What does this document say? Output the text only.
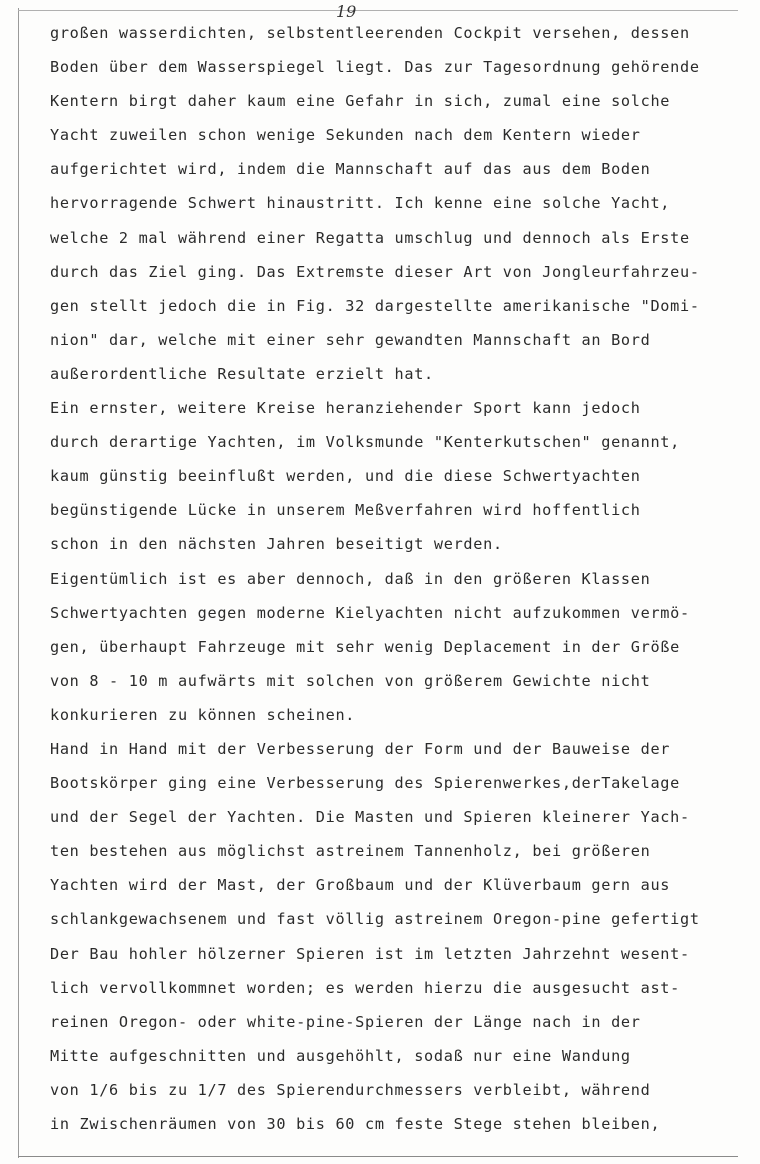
19
großen wasserdichten, selbstentleerenden Cockpit versehen, dessen
Boden über dem Wasserspiegel liegt. Das zur Tagesordnung gehörende
Kentern birgt daher kaum eine Gefahr in sich, zumal eine solche
Yacht zuweilen schon wenige Sekunden nach dem Kentern wieder
aufgerichtet wird, indem die Mannschaft auf das aus dem Boden
hervorragende Schwert hinaustritt. Ich kenne eine solche Yacht,
welche 2 mal während einer Regatta umschlug und dennoch als Erste
durch das Ziel ging. Das Extremste dieser Art von Jongleurfahrzeu-
gen stellt jedoch die in Fig. 32 dargestellte amerikanische "Domi-
nion" dar, welche mit einer sehr gewandten Mannschaft an Bord
außerordentliche Resultate erzielt hat.
Ein ernster, weitere Kreise heranziehender Sport kann jedoch
durch derartige Yachten, im Volksmunde "Kenterkutschen" genannt,
kaum günstig beeinflußt werden, und die diese Schwertyachten
begünstigende Lücke in unserem Meßverfahren wird hoffentlich
schon in den nächsten Jahren beseitigt werden.
Eigentümlich ist es aber dennoch, daß in den größeren Klassen
Schwertyachten gegen moderne Kielyachten nicht aufzukommen vermö-
gen, überhaupt Fahrzeuge mit sehr wenig Deplacement in der Größe
von 8 - 10 m aufwärts mit solchen von größerem Gewichte nicht
konkurieren zu können scheinen.
Hand in Hand mit der Verbesserung der Form und der Bauweise der
Bootskörper ging eine Verbesserung des Spierenwerkes,derTakelage
und der Segel der Yachten. Die Masten und Spieren kleinerer Yach-
ten bestehen aus möglichst astreinem Tannenholz, bei größeren
Yachten wird der Mast, der Großbaum und der Klüverbaum gern aus
schlankgewachsenem und fast völlig astreinem Oregon-pine gefertigt
Der Bau hohler hölzerner Spieren ist im letzten Jahrzehnt wesent-
lich vervollkommnet worden; es werden hierzu die ausgesucht ast-
reinen Oregon- oder white-pine-Spieren der Länge nach in der
Mitte aufgeschnitten und ausgehöhlt, sodaß nur eine Wandung
von 1/6 bis zu 1/7 des Spierendurchmessers verbleibt, während
in Zwischenräumen von 30 bis 60 cm feste Stege stehen bleiben,
